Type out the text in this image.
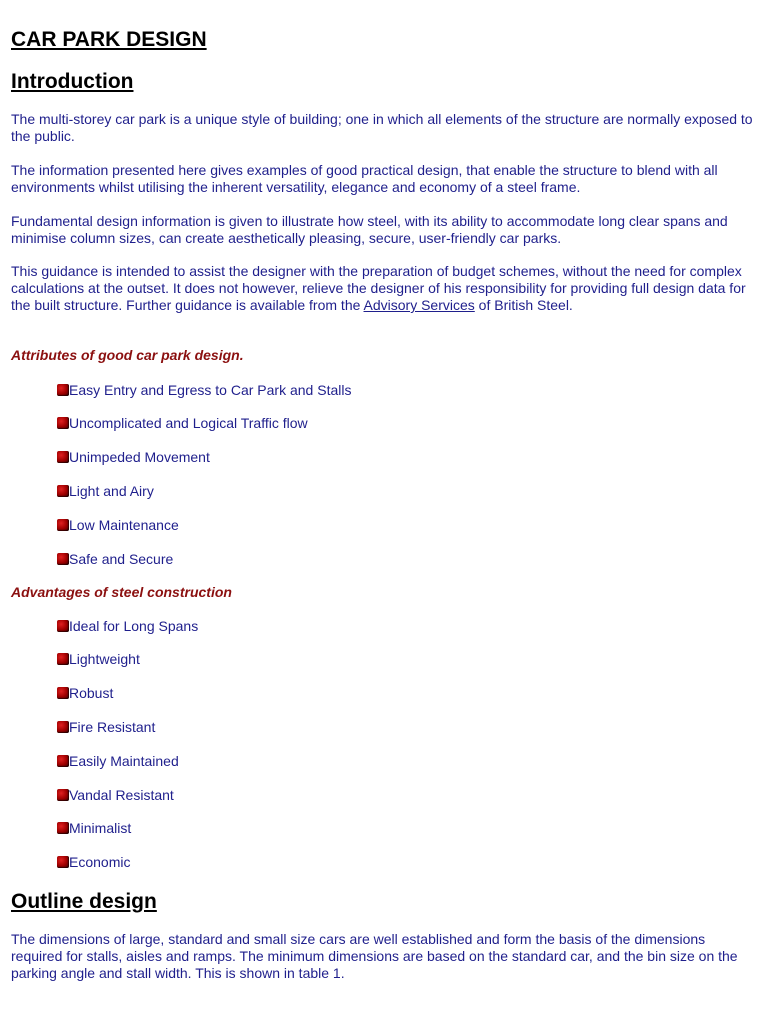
CAR PARK DESIGN
Introduction

The multi-storey car park is a unique style of building; one in which all elements of the structure are normally exposed to the public.

The information presented here gives examples of good practical design, that enable the structure to blend with all environments whilst utilising the inherent versatility, elegance and economy of a steel frame.

Fundamental design information is given to illustrate how steel, with its ability to accommodate long clear spans and minimise column sizes, can create aesthetically pleasing, secure, user-friendly car parks.

This guidance is intended to assist the designer with the preparation of budget schemes, without the need for complex calculations at the outset. It does not however, relieve the designer of his responsibility for providing full design data for the built structure. Further guidance is available from the Advisory Services of British Steel.

Attributes of good car park design.
Easy Entry and Egress to Car Park and Stalls
Uncomplicated and Logical Traffic flow
Unimpeded Movement
Light and Airy
Low Maintenance
Safe and Secure
Advantages of steel construction
Ideal for Long Spans
Lightweight
Robust
Fire Resistant
Easily Maintained
Vandal Resistant
Minimalist
Economic
Outline design

The dimensions of large, standard and small size cars are well established and form the basis of the dimensions required for stalls, aisles and ramps. The minimum dimensions are based on the standard car, and the bin size on the parking angle and stall width. This is shown in table 1.
